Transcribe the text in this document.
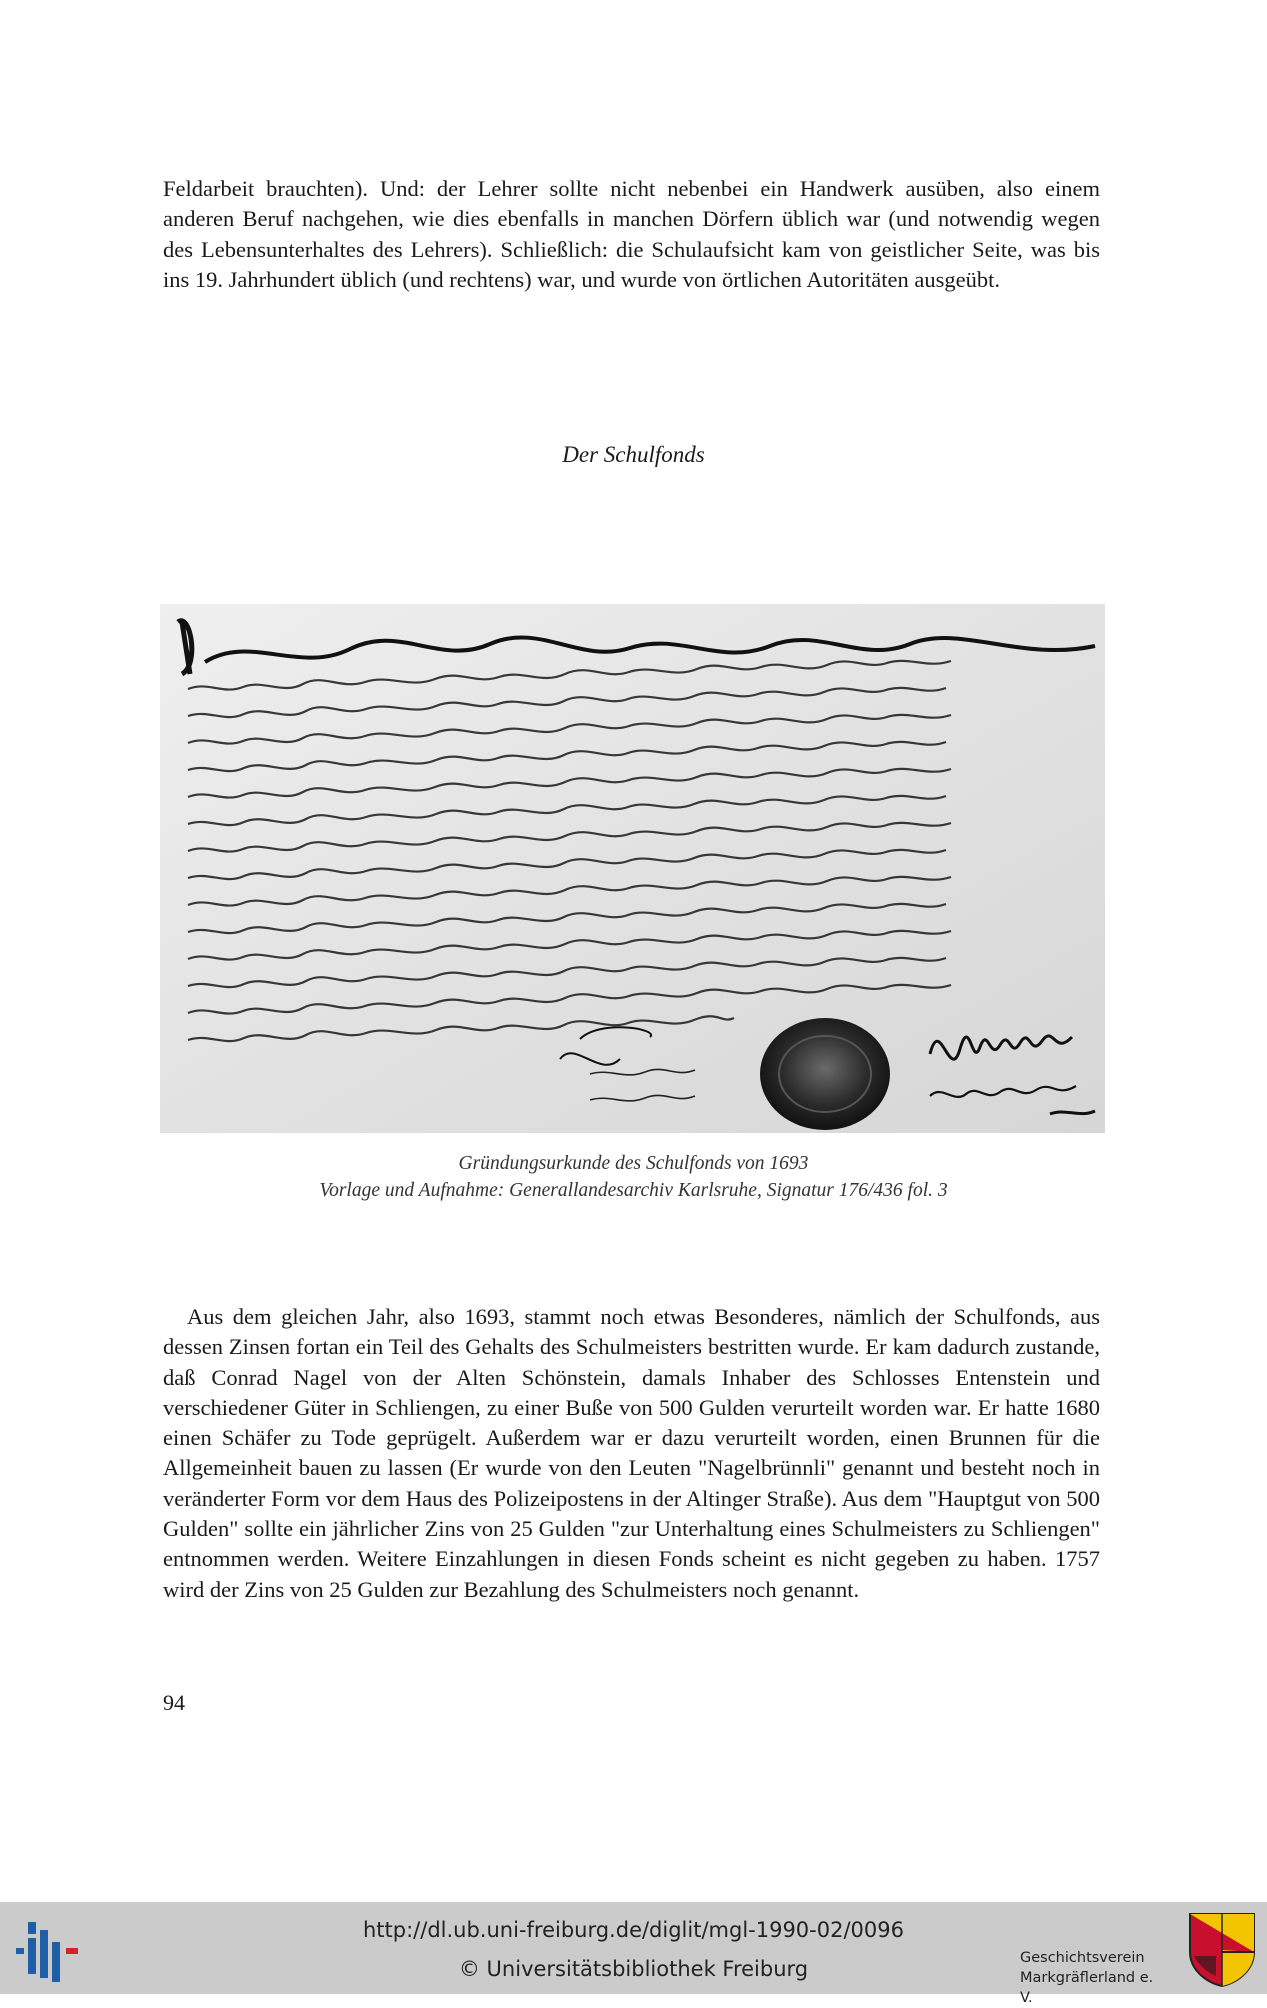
Feldarbeit brauchten). Und: der Lehrer sollte nicht nebenbei ein Handwerk ausüben, also einem anderen Beruf nachgehen, wie dies ebenfalls in manchen Dörfern üblich war (und notwendig wegen des Lebensunterhaltes des Lehrers). Schließlich: die Schulaufsicht kam von geistlicher Seite, was bis ins 19. Jahrhundert üblich (und rechtens) war, und wurde von örtlichen Autoritäten ausgeübt.

Der Schulfonds
Gründungsurkunde des Schulfonds von 1693
Vorlage und Aufnahme: Generallandesarchiv Karlsruhe, Signatur 176/436 fol. 3

Aus dem gleichen Jahr, also 1693, stammt noch etwas Besonderes, nämlich der Schulfonds, aus dessen Zinsen fortan ein Teil des Gehalts des Schulmeisters bestritten wurde. Er kam dadurch zustande, daß Conrad Nagel von der Alten Schönstein, damals Inhaber des Schlosses Entenstein und verschiedener Güter in Schliengen, zu einer Buße von 500 Gulden verurteilt worden war. Er hatte 1680 einen Schäfer zu Tode geprügelt. Außerdem war er dazu verurteilt worden, einen Brunnen für die Allgemeinheit bauen zu lassen (Er wurde von den Leuten "Nagelbrünnli" genannt und besteht noch in veränderter Form vor dem Haus des Polizeipostens in der Altinger Straße). Aus dem "Hauptgut von 500 Gulden" sollte ein jährlicher Zins von 25 Gulden "zur Unterhaltung eines Schulmeisters zu Schliengen" entnommen werden. Weitere Einzahlungen in diesen Fonds scheint es nicht gegeben zu haben. 1757 wird der Zins von 25 Gulden zur Bezahlung des Schulmeisters noch genannt.

94
http://dl.ub.uni-freiburg.de/diglit/mgl-1990-02/0096
© Universitätsbibliothek Freiburg	Geschichtsverein
Markgräflerland e. V.
